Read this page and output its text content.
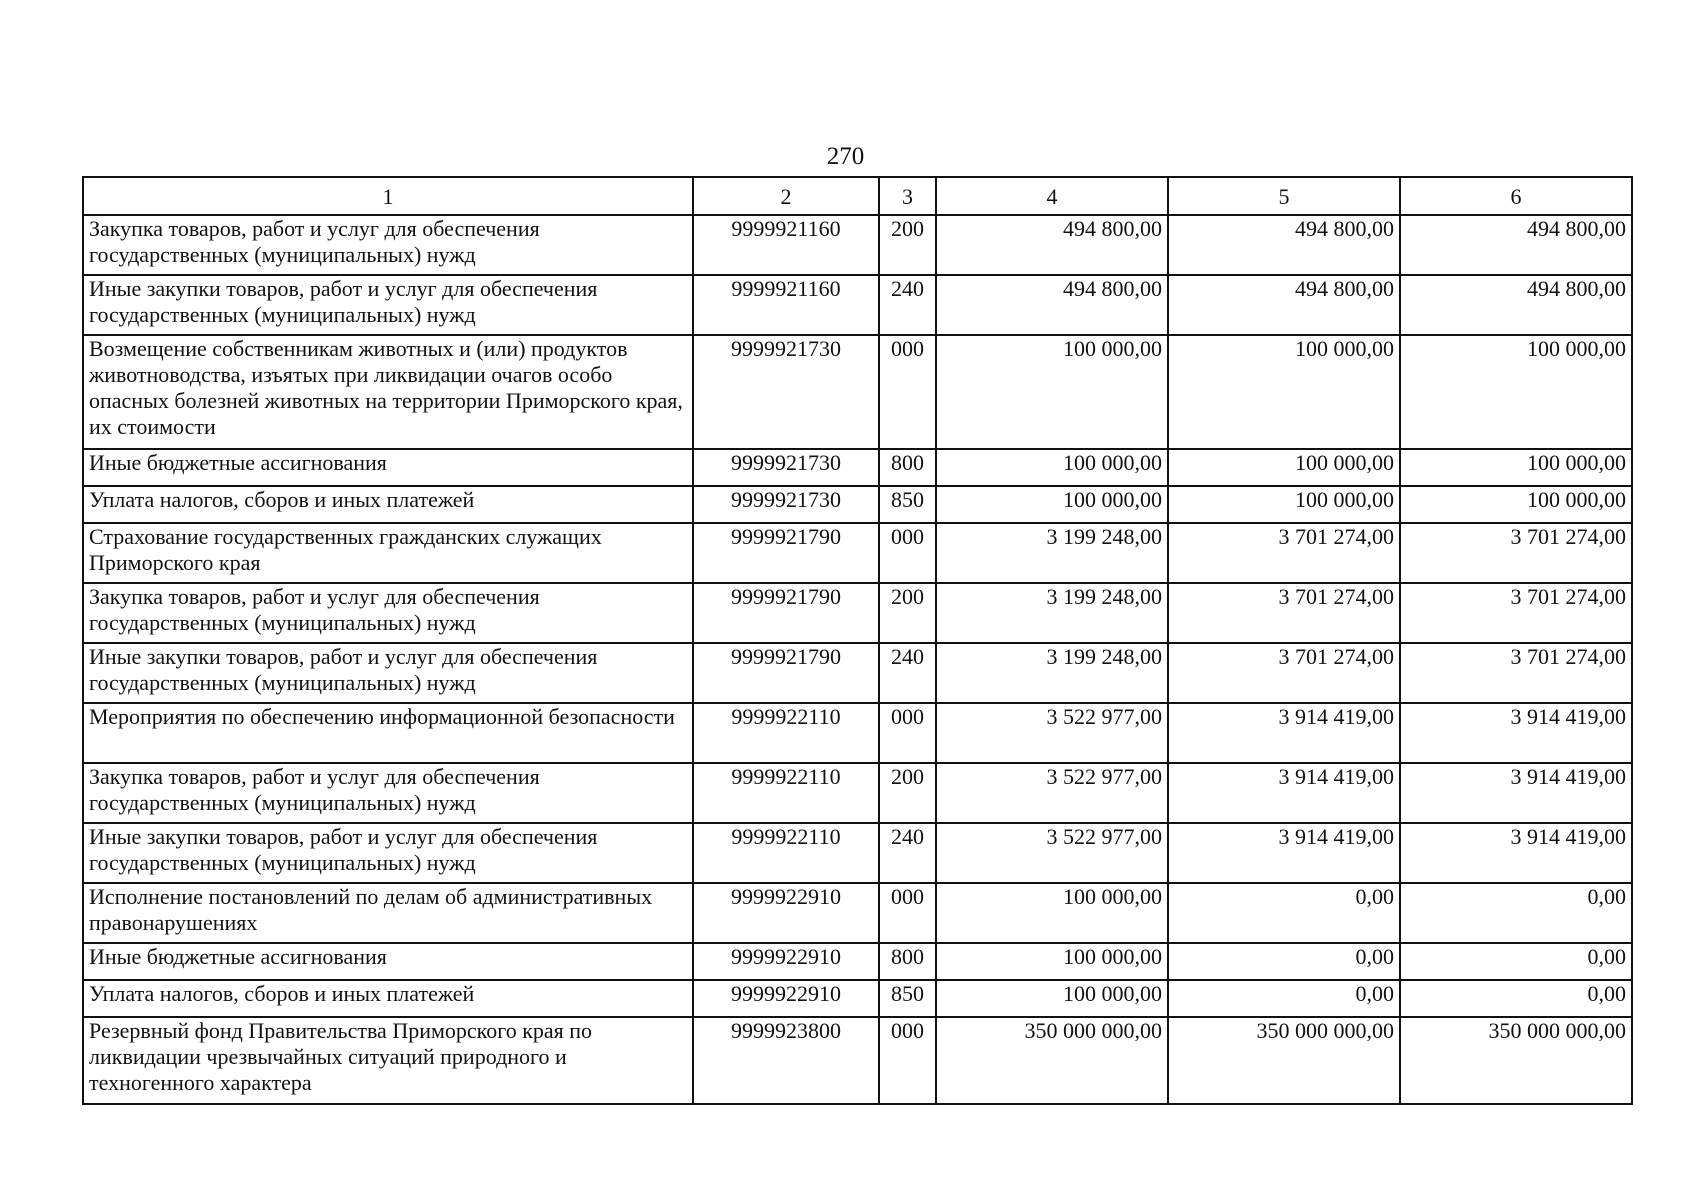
270
1	2	3	4	5	6
Закупка товаров, работ и услуг для обеспечения государственных (муниципальных) нужд	9999921160	200	494 800,00	494 800,00	494 800,00
Иные закупки товаров, работ и услуг для обеспечения государственных (муниципальных) нужд	9999921160	240	494 800,00	494 800,00	494 800,00
Возмещение собственникам животных и (или) продуктов животноводства, изъятых при ликвидации очагов особо опасных болезней животных на территории Приморского края, их стоимости	9999921730	000	100 000,00	100 000,00	100 000,00
Иные бюджетные ассигнования	9999921730	800	100 000,00	100 000,00	100 000,00
Уплата налогов, сборов и иных платежей	9999921730	850	100 000,00	100 000,00	100 000,00
Страхование государственных гражданских служащих Приморского края	9999921790	000	3 199 248,00	3 701 274,00	3 701 274,00
Закупка товаров, работ и услуг для обеспечения государственных (муниципальных) нужд	9999921790	200	3 199 248,00	3 701 274,00	3 701 274,00
Иные закупки товаров, работ и услуг для обеспечения государственных (муниципальных) нужд	9999921790	240	3 199 248,00	3 701 274,00	3 701 274,00
Мероприятия по обеспечению информационной безопасности	9999922110	000	3 522 977,00	3 914 419,00	3 914 419,00
Закупка товаров, работ и услуг для обеспечения государственных (муниципальных) нужд	9999922110	200	3 522 977,00	3 914 419,00	3 914 419,00
Иные закупки товаров, работ и услуг для обеспечения государственных (муниципальных) нужд	9999922110	240	3 522 977,00	3 914 419,00	3 914 419,00
Исполнение постановлений по делам об административных правонарушениях	9999922910	000	100 000,00	0,00	0,00
Иные бюджетные ассигнования	9999922910	800	100 000,00	0,00	0,00
Уплата налогов, сборов и иных платежей	9999922910	850	100 000,00	0,00	0,00
Резервный фонд Правительства Приморского края по ликвидации чрезвычайных ситуаций природного и техногенного характера	9999923800	000	350 000 000,00	350 000 000,00	350 000 000,00
